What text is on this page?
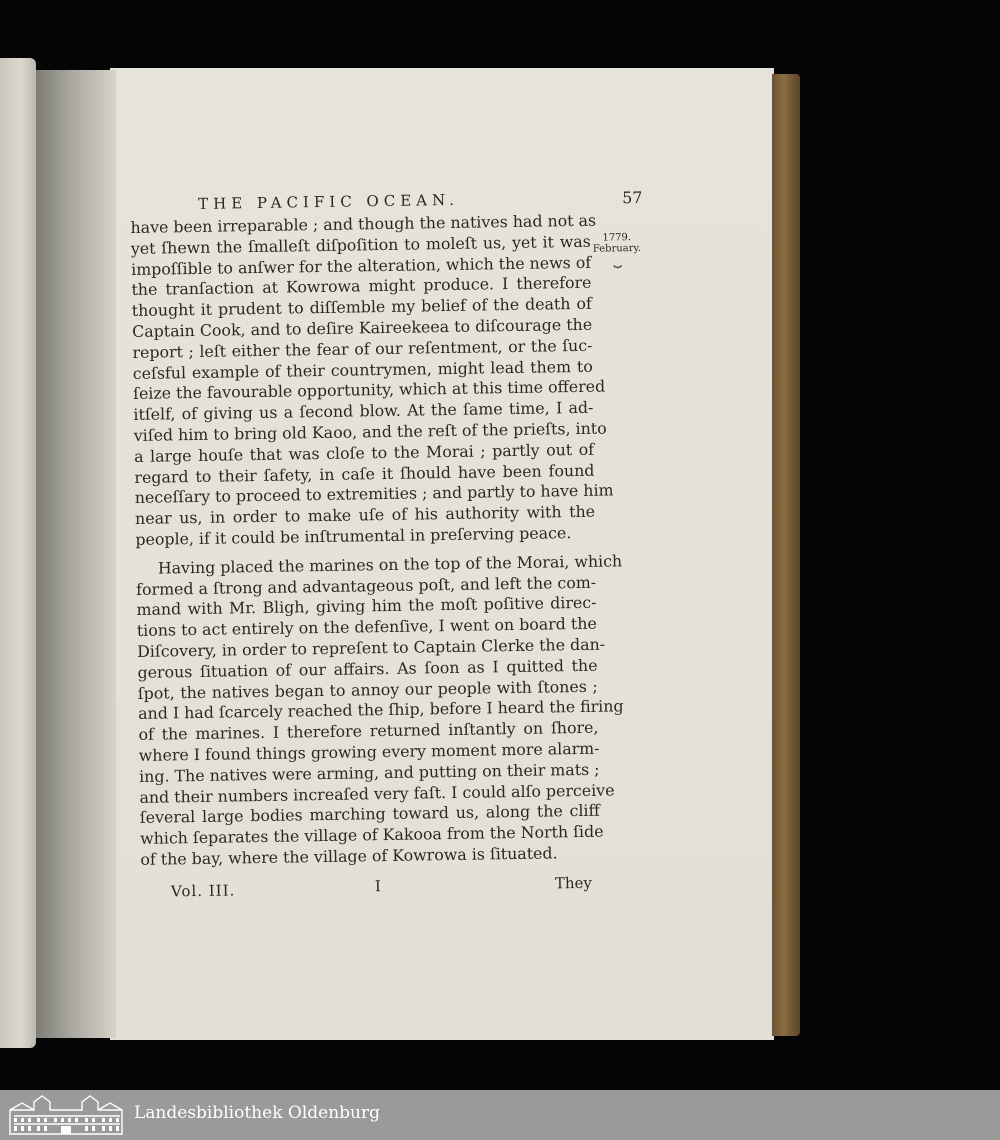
THE PACIFIC OCEAN.	57
1779.
February.
⏟

have been irreparable ; and though the natives had not as
yet ſhewn the ſmalleſt diſpoſition to moleſt us, yet it was
impoſſible to anſwer for the alteration, which the news of
the tranſaction at Kowrowa might produce. I therefore
thought it prudent to diſſemble my belief of the death of
Captain Cook, and to deſire Kaireekeea to diſcourage the
report ; leſt either the fear of our reſentment, or the ſuc-
ceſsful example of their countrymen, might lead them to
ſeize the favourable opportunity, which at this time offered
itſelf, of giving us a ſecond blow. At the ſame time, I ad-
viſed him to bring old Kaoo, and the reſt of the prieſts, into
a large houſe that was cloſe to the Morai ; partly out of
regard to their ſafety, in caſe it ſhould have been found
neceſſary to proceed to extremities ; and partly to have him
near us, in order to make uſe of his authority with the
people, if it could be inſtrumental in preſerving peace.

Having placed the marines on the top of the Morai, which
formed a ſtrong and advantageous poſt, and left the com-
mand with Mr. Bligh, giving him the moſt poſitive direc-
tions to act entirely on the defenſive, I went on board the
Diſcovery, in order to repreſent to Captain Clerke the dan-
gerous ſituation of our affairs. As ſoon as I quitted the
ſpot, the natives began to annoy our people with ſtones ;
and I had ſcarcely reached the ſhip, before I heard the firing
of the marines. I therefore returned inſtantly on ſhore,
where I found things growing every moment more alarm-
ing. The natives were arming, and putting on their mats ;
and their numbers increaſed very faſt. I could alſo perceive
ſeveral large bodies marching toward us, along the cliff
which ſeparates the village of Kakooa from the North ſide
of the bay, where the village of Kowrowa is ſituated.

Vol. III.	I	They
Landesbibliothek Oldenburg
